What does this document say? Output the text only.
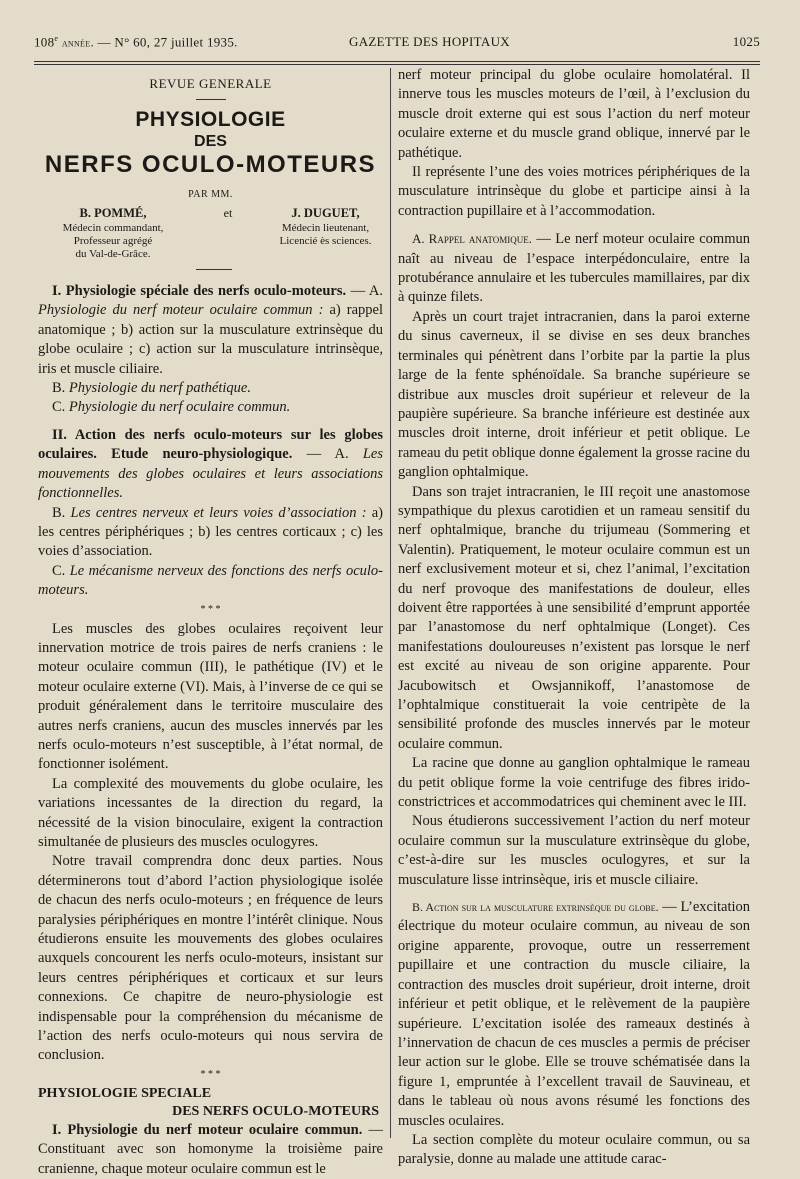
108e année. — N° 60, 27 juillet 1935.	GAZETTE DES HOPITAUX	1025
REVUE GENERALE
PHYSIOLOGIE
DES
NERFS OCULO-MOTEURS
PAR MM.
B. POMMÉ,
Médecin commandant,
Professeur agrégé
du Val-de-Grâce.
et	J. DUGUET,
Médecin lieutenant,
Licencié ès sciences.

I. Physiologie spéciale des nerfs oculo-moteurs. — A. Physiologie du nerf moteur oculaire commun : a) rappel anatomique ; b) action sur la musculature extrinsèque du globe oculaire ; c) action sur la musculature intrinsèque, iris et muscle ciliaire.

B. Physiologie du nerf pathétique.

C. Physiologie du nerf oculaire commun.

II. Action des nerfs oculo-moteurs sur les globes oculaires. Etude neuro-physiologique. — A. Les mouvements des globes oculaires et leurs associations fonctionnelles.

B. Les centres nerveux et leurs voies d’association : a) les centres périphériques ; b) les centres corticaux ; c) les voies d’association.

C. Le mécanisme nerveux des fonctions des nerfs oculo-moteurs.

* * *

Les muscles des globes oculaires reçoivent leur innervation motrice de trois paires de nerfs craniens : le moteur oculaire commun (III), le pathétique (IV) et le moteur oculaire externe (VI). Mais, à l’inverse de ce qui se produit généralement dans le territoire musculaire des autres nerfs craniens, aucun des muscles innervés par les nerfs oculo-moteurs n’est susceptible, à l’état normal, de fonctionner isolément.

La complexité des mouvements du globe oculaire, les variations incessantes de la direction du regard, la nécessité de la vision binoculaire, exigent la contraction simultanée de plusieurs des muscles oculogyres.

Notre travail comprendra donc deux parties. Nous déterminerons tout d’abord l’action physiologique isolée de chacun des nerfs oculo-moteurs ; en fréquence de leurs paralysies périphériques en montre l’intérêt clinique. Nous étudierons ensuite les mouvements des globes oculaires auxquels concourent les nerfs oculo-moteurs, insistant sur leurs centres périphériques et corticaux et sur leurs connexions. Ce chapitre de neuro-physiologie est indispensable pour la compréhension du mécanisme de l’action des nerfs oculo-moteurs qui nous servira de conclusion.

* * *
PHYSIOLOGIE SPECIALE
DES NERFS OCULO-MOTEURS

I. Physiologie du nerf moteur oculaire commun. — Constituant avec son homonyme la troisième paire cranienne, chaque moteur oculaire commun est le

nerf moteur principal du globe oculaire homolatéral. Il innerve tous les muscles moteurs de l’œil, à l’exclusion du muscle droit externe qui est sous l’action du nerf moteur oculaire externe et du muscle grand oblique, innervé par le pathétique.

Il représente l’une des voies motrices périphériques de la musculature intrinsèque du globe et participe ainsi à la contraction pupillaire et à l’accommodation.

A. Rappel anatomique. — Le nerf moteur oculaire commun naît au niveau de l’espace interpédonculaire, entre la protubérance annulaire et les tubercules mamillaires, par dix à quinze filets.

Après un court trajet intracranien, dans la paroi externe du sinus caverneux, il se divise en ses deux branches terminales qui pénètrent dans l’orbite par la partie la plus large de la fente sphénoïdale. Sa branche supérieure se distribue aux muscles droit supérieur et releveur de la paupière supérieure. Sa branche inférieure est destinée aux muscles droit interne, droit inférieur et petit oblique. Le rameau du petit oblique donne également la grosse racine du ganglion ophtalmique.

Dans son trajet intracranien, le III reçoit une anastomose sympathique du plexus carotidien et un rameau sensitif du nerf ophtalmique, branche du trijumeau (Sommering et Valentin). Pratiquement, le moteur oculaire commun est un nerf exclusivement moteur et si, chez l’animal, l’excitation du nerf provoque des manifestations de douleur, elles doivent être rapportées à une sensibilité d’emprunt apportée par l’anastomose du nerf ophtalmique (Longet). Ces manifestations douloureuses n’existent pas lorsque le nerf est excité au niveau de son origine apparente. Pour Jacubowitsch et Owsjannikoff, l’anastomose de l’ophtalmique constituerait la voie centripète de la sensibilité profonde des muscles innervés par le moteur oculaire commun.

La racine que donne au ganglion ophtalmique le rameau du petit oblique forme la voie centrifuge des fibres irido-constrictrices et accommodatrices qui cheminent avec le III.

Nous étudierons successivement l’action du nerf moteur oculaire commun sur la musculature extrinsèque du globe, c’est-à-dire sur les muscles oculogyres, et sur la musculature lisse intrinsèque, iris et muscle ciliaire.

B. Action sur la musculature extrinsèque du globe. — L’excitation électrique du moteur oculaire commun, au niveau de son origine apparente, provoque, outre un resserrement pupillaire et une contraction du muscle ciliaire, la contraction des muscles droit supérieur, droit interne, droit inférieur et petit oblique, et le relèvement de la paupière supérieure. L’excitation isolée des rameaux destinés à l’innervation de chacun de ces muscles a permis de préciser leur action sur le globe. Elle se trouve schématisée dans la figure 1, empruntée à l’excellent travail de Sauvineau, et dans le tableau où nous avons résumé les fonctions des muscles oculaires.

La section complète du moteur oculaire commun, ou sa paralysie, donne au malade une attitude carac-
